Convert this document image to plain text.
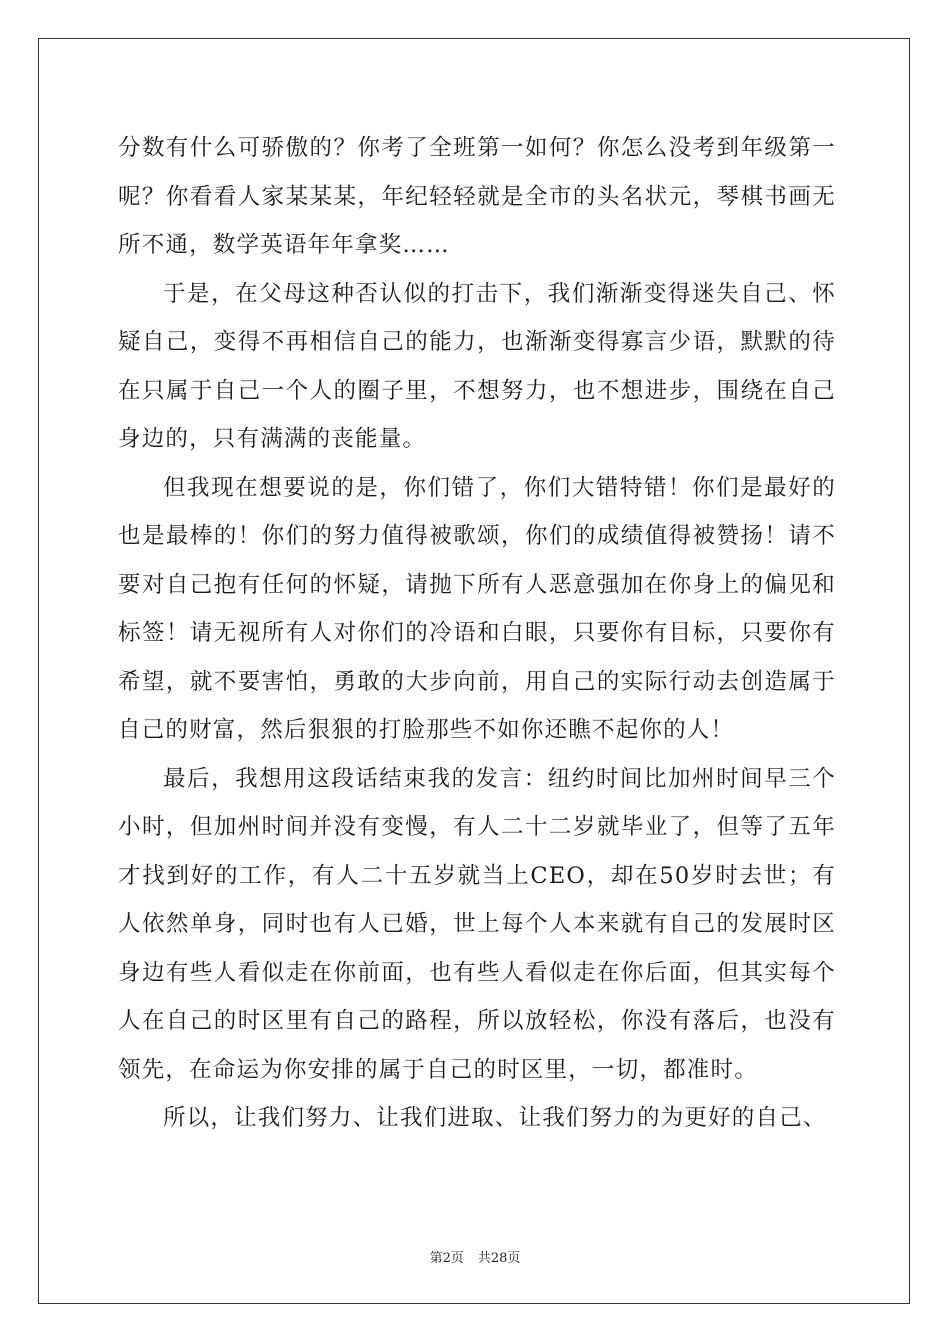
分数有什么可骄傲的？你考了全班第一如何？你怎么没考到年级第一呢？你看看人家某某某，年纪轻轻就是全市的头名状元，琴棋书画无所不通，数学英语年年拿奖……

于是，在父母这种否认似的打击下，我们渐渐变得迷失自己、怀疑自己，变得不再相信自己的能力，也渐渐变得寡言少语，默默的待在只属于自己一个人的圈子里，不想努力，也不想进步，围绕在自己身边的，只有满满的丧能量。

但我现在想要说的是，你们错了，你们大错特错！你们是最好的也是最棒的！你们的努力值得被歌颂，你们的成绩值得被赞扬！请不要对自己抱有任何的怀疑，请抛下所有人恶意强加在你身上的偏见和标签！请无视所有人对你们的冷语和白眼，只要你有目标，只要你有希望，就不要害怕，勇敢的大步向前，用自己的实际行动去创造属于自己的财富，然后狠狠的打脸那些不如你还瞧不起你的人！

最后，我想用这段话结束我的发言：纽约时间比加州时间早三个小时，但加州时间并没有变慢，有人二十二岁就毕业了，但等了五年才找到好的工作，有人二十五岁就当上CEO，却在50岁时去世；有人依然单身，同时也有人已婚，世上每个人本来就有自己的发展时区身边有些人看似走在你前面，也有些人看似走在你后面，但其实每个人在自己的时区里有自己的路程，所以放轻松，你没有落后，也没有领先，在命运为你安排的属于自己的时区里，一切，都准时。

所以，让我们努力、让我们进取、让我们努力的为更好的自己、

第2页 共28页
